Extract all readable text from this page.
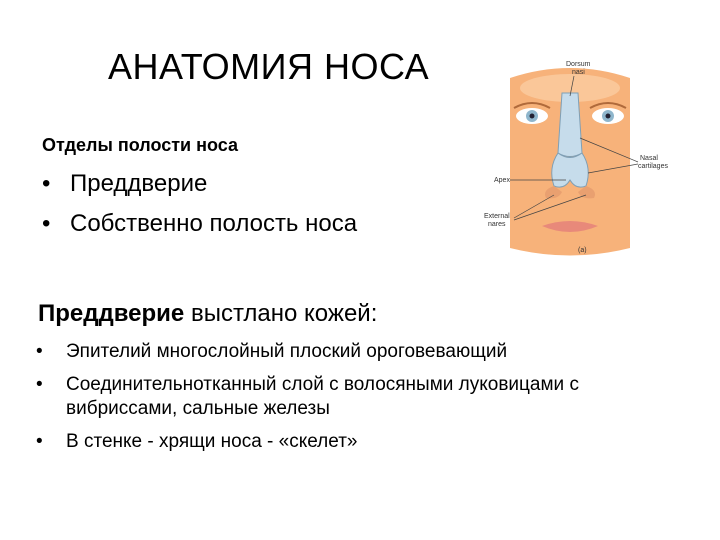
АНАТОМИЯ НОСА
Отделы полости носа
• Преддверие
• Собственно полость носа
Преддверие выстлано кожей:
• Эпителий многослойный плоский ороговевающий
• Соединительнотканный слой с волосяными луковицами с вибриссами, сальные железы
• В стенке - хрящи носа - «скелет»
Dorsum
nasi
Nasal
cartilages
Apex
External
nares
(a)
